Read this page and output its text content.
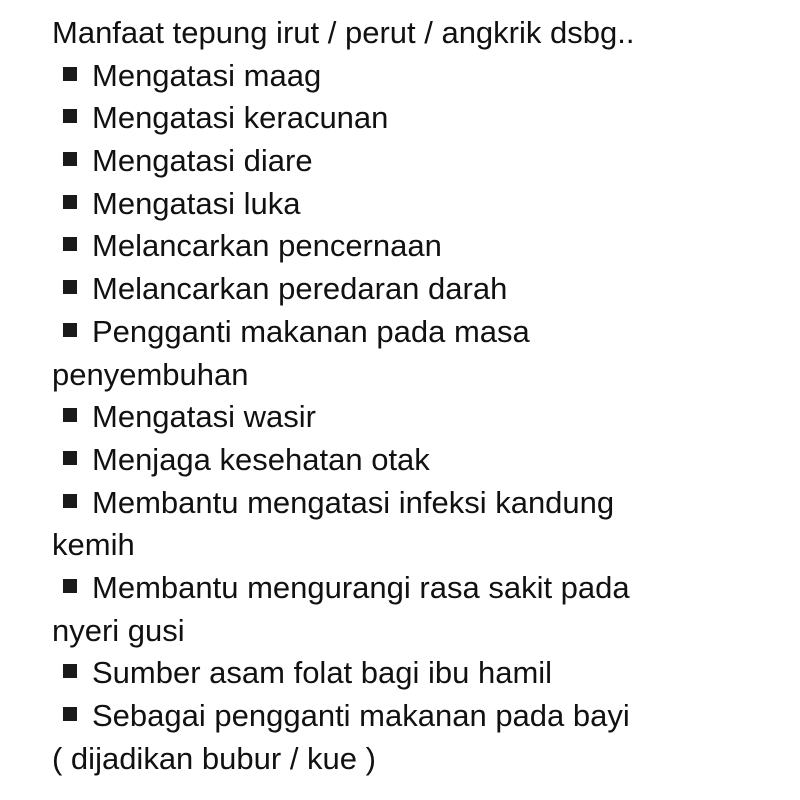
Manfaat tepung irut / perut / angkrik dsbg..
Mengatasi maag
Mengatasi keracunan
Mengatasi diare
Mengatasi luka
Melancarkan pencernaan
Melancarkan peredaran darah
Pengganti makanan pada masa
penyembuhan
Mengatasi wasir
Menjaga kesehatan otak
Membantu mengatasi infeksi kandung
kemih
Membantu mengurangi rasa sakit pada
nyeri gusi
Sumber asam folat bagi ibu hamil
Sebagai pengganti makanan pada bayi
( dijadikan bubur / kue )
